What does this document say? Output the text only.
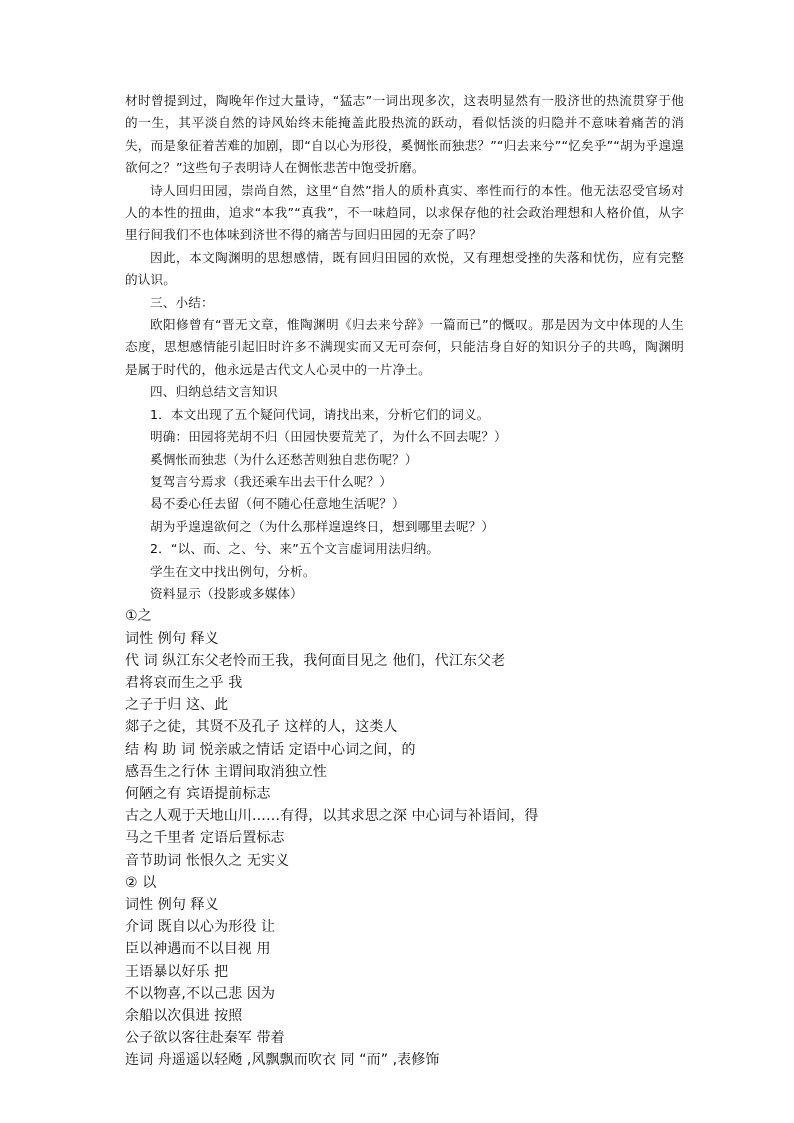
材时曾提到过，陶晚年作过大量诗，“猛志”一词出现多次，这表明显然有一股济世的热流贯穿于他的一生，其平淡自然的诗风始终未能掩盖此股热流的跃动，看似恬淡的归隐并不意味着痛苦的消失，而是象征着苦难的加剧，即“自以心为形役，奚惆怅而独悲？”“归去来兮”“忆矣乎”“胡为乎遑遑欲何之？”这些句子表明诗人在惆怅悲苦中饱受折磨。

诗人回归田园，崇尚自然，这里“自然”指人的质朴真实、率性而行的本性。他无法忍受官场对人的本性的扭曲，追求“本我”“真我”，不一味趋同，以求保存他的社会政治理想和人格价值，从字里行间我们不也体味到济世不得的痛苦与回归田园的无奈了吗？

因此，本文陶渊明的思想感情，既有回归田园的欢悦，又有理想受挫的失落和忧伤，应有完整的认识。

三、小结：

欧阳修曾有“晋无文章，惟陶渊明《归去来兮辞》一篇而已”的慨叹。那是因为文中体现的人生态度，思想感情能引起旧时许多不满现实而又无可奈何，只能洁身自好的知识分子的共鸣，陶渊明是属于时代的，他永远是古代文人心灵中的一片净土。

四、归纳总结文言知识

1．本文出现了五个疑问代词，请找出来，分析它们的词义。

明确：田园将芜胡不归（田园快要荒芜了，为什么不回去呢？）

奚惆怅而独悲（为什么还愁苦则独自悲伤呢？）

复驾言兮焉求（我还乘车出去干什么呢？）

曷不委心任去留（何不随心任意地生活呢？）

胡为乎遑遑欲何之（为什么那样遑遑终日，想到哪里去呢？）

2．“以、而、之、兮、来”五个文言虚词用法归纳。

学生在文中找出例句，分析。

资料显示（投影或多媒体）

①之

词性 例句 释义

代 词 纵江东父老怜而王我，我何面目见之 他们，代江东父老

君将哀而生之乎 我

之子于归 这、此

郯子之徒，其贤不及孔子 这样的人，这类人

结 构 助 词 悦亲戚之情话 定语中心词之间，的

感吾生之行休 主谓间取消独立性

何陋之有 宾语提前标志

古之人观于天地山川……有得，以其求思之深 中心词与补语间，得

马之千里者 定语后置标志

音节助词 怅恨久之 无实义

② 以

词性 例句 释义

介词 既自以心为形役 让

臣以神遇而不以目视 用

王语暴以好乐 把

不以物喜,不以己悲 因为

余船以次俱进 按照

公子欲以客往赴秦军 带着

连词 舟遥遥以轻飏 ,风飘飘而吹衣 同 “而” ,表修饰
